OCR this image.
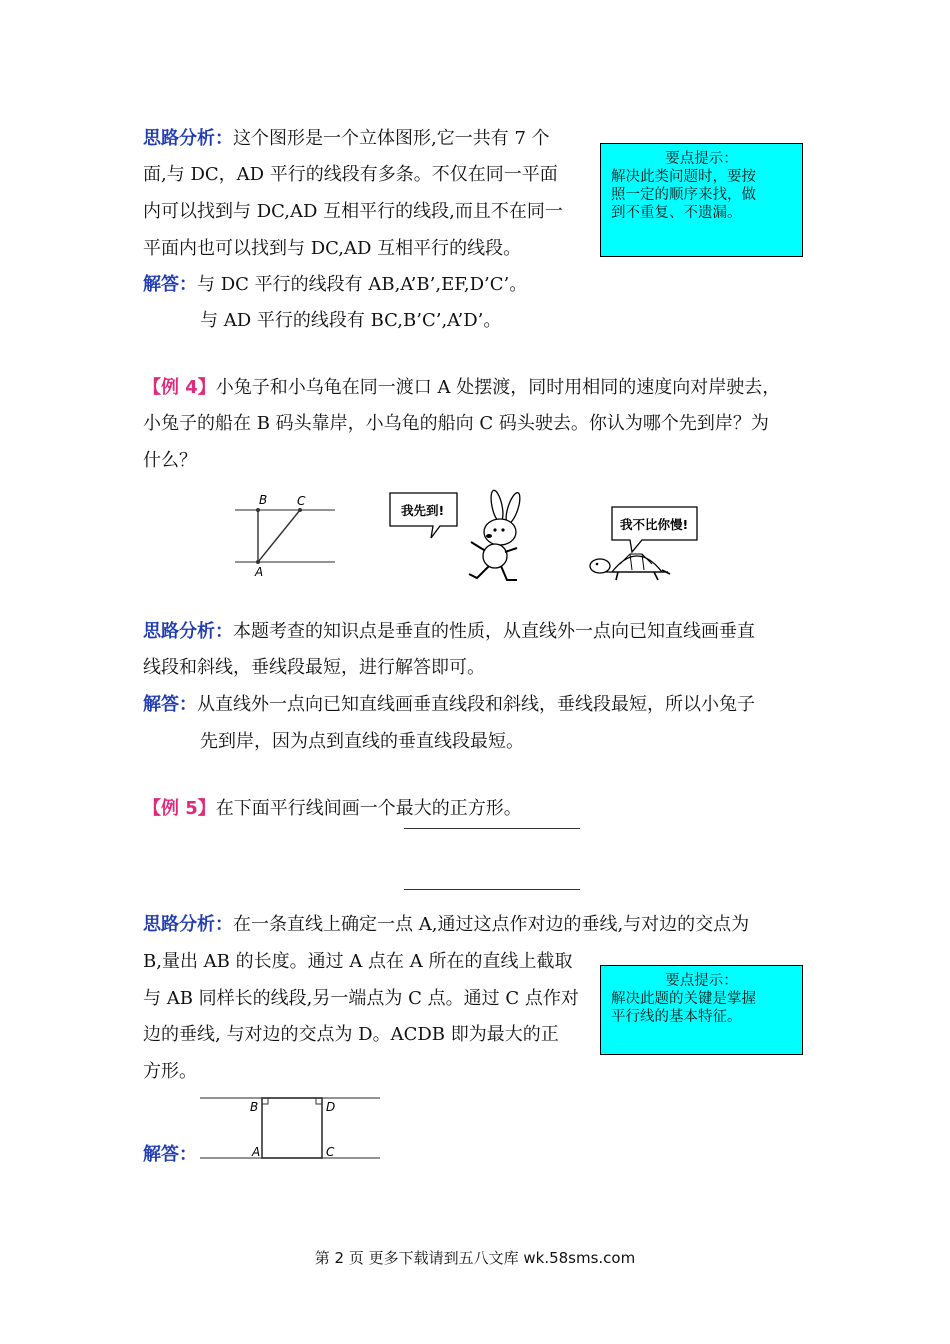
思路分析：这个图形是一个立体图形,它一共有 7 个
面,与 DC，AD 平行的线段有多条。不仅在同一平面
内可以找到与 DC,AD 互相平行的线段,而且不在同一
平面内也可以找到与 DC,AD 互相平行的线段。
解答：与 DC 平行的线段有 AB,A’B’,EF,D’C’。
与 AD 平行的线段有 BC,B’C’,A’D’。
要点提示：
解决此类问题时，要按
照一定的顺序来找，做
到不重复、不遗漏。
【例 4】小兔子和小乌龟在同一渡口 A 处摆渡，同时用相同的速度向对岸驶去，
小兔子的船在 B 码头靠岸，小乌龟的船向 C 码头驶去。你认为哪个先到岸？为
什么？
B C
A
我先到!
我不比你慢!
思路分析：本题考查的知识点是垂直的性质，从直线外一点向已知直线画垂直
线段和斜线，垂线段最短，进行解答即可。
解答：从直线外一点向已知直线画垂直线段和斜线，垂线段最短，所以小兔子
先到岸，因为点到直线的垂直线段最短。
【例 5】在下面平行线间画一个最大的正方形。
思路分析：在一条直线上确定一点 A,通过这点作对边的垂线,与对边的交点为
B,量出 AB 的长度。通过 A 点在 A 所在的直线上截取
与 AB 同样长的线段,另一端点为 C 点。通过 C 点作对
边的垂线, 与对边的交点为 D。ACDB 即为最大的正
方形。
要点提示：
解决此题的关键是掌握
平行线的基本特征。
解答：
B	D
A	C
第 2 页 更多下载请到五八文库 wk.58sms.com
